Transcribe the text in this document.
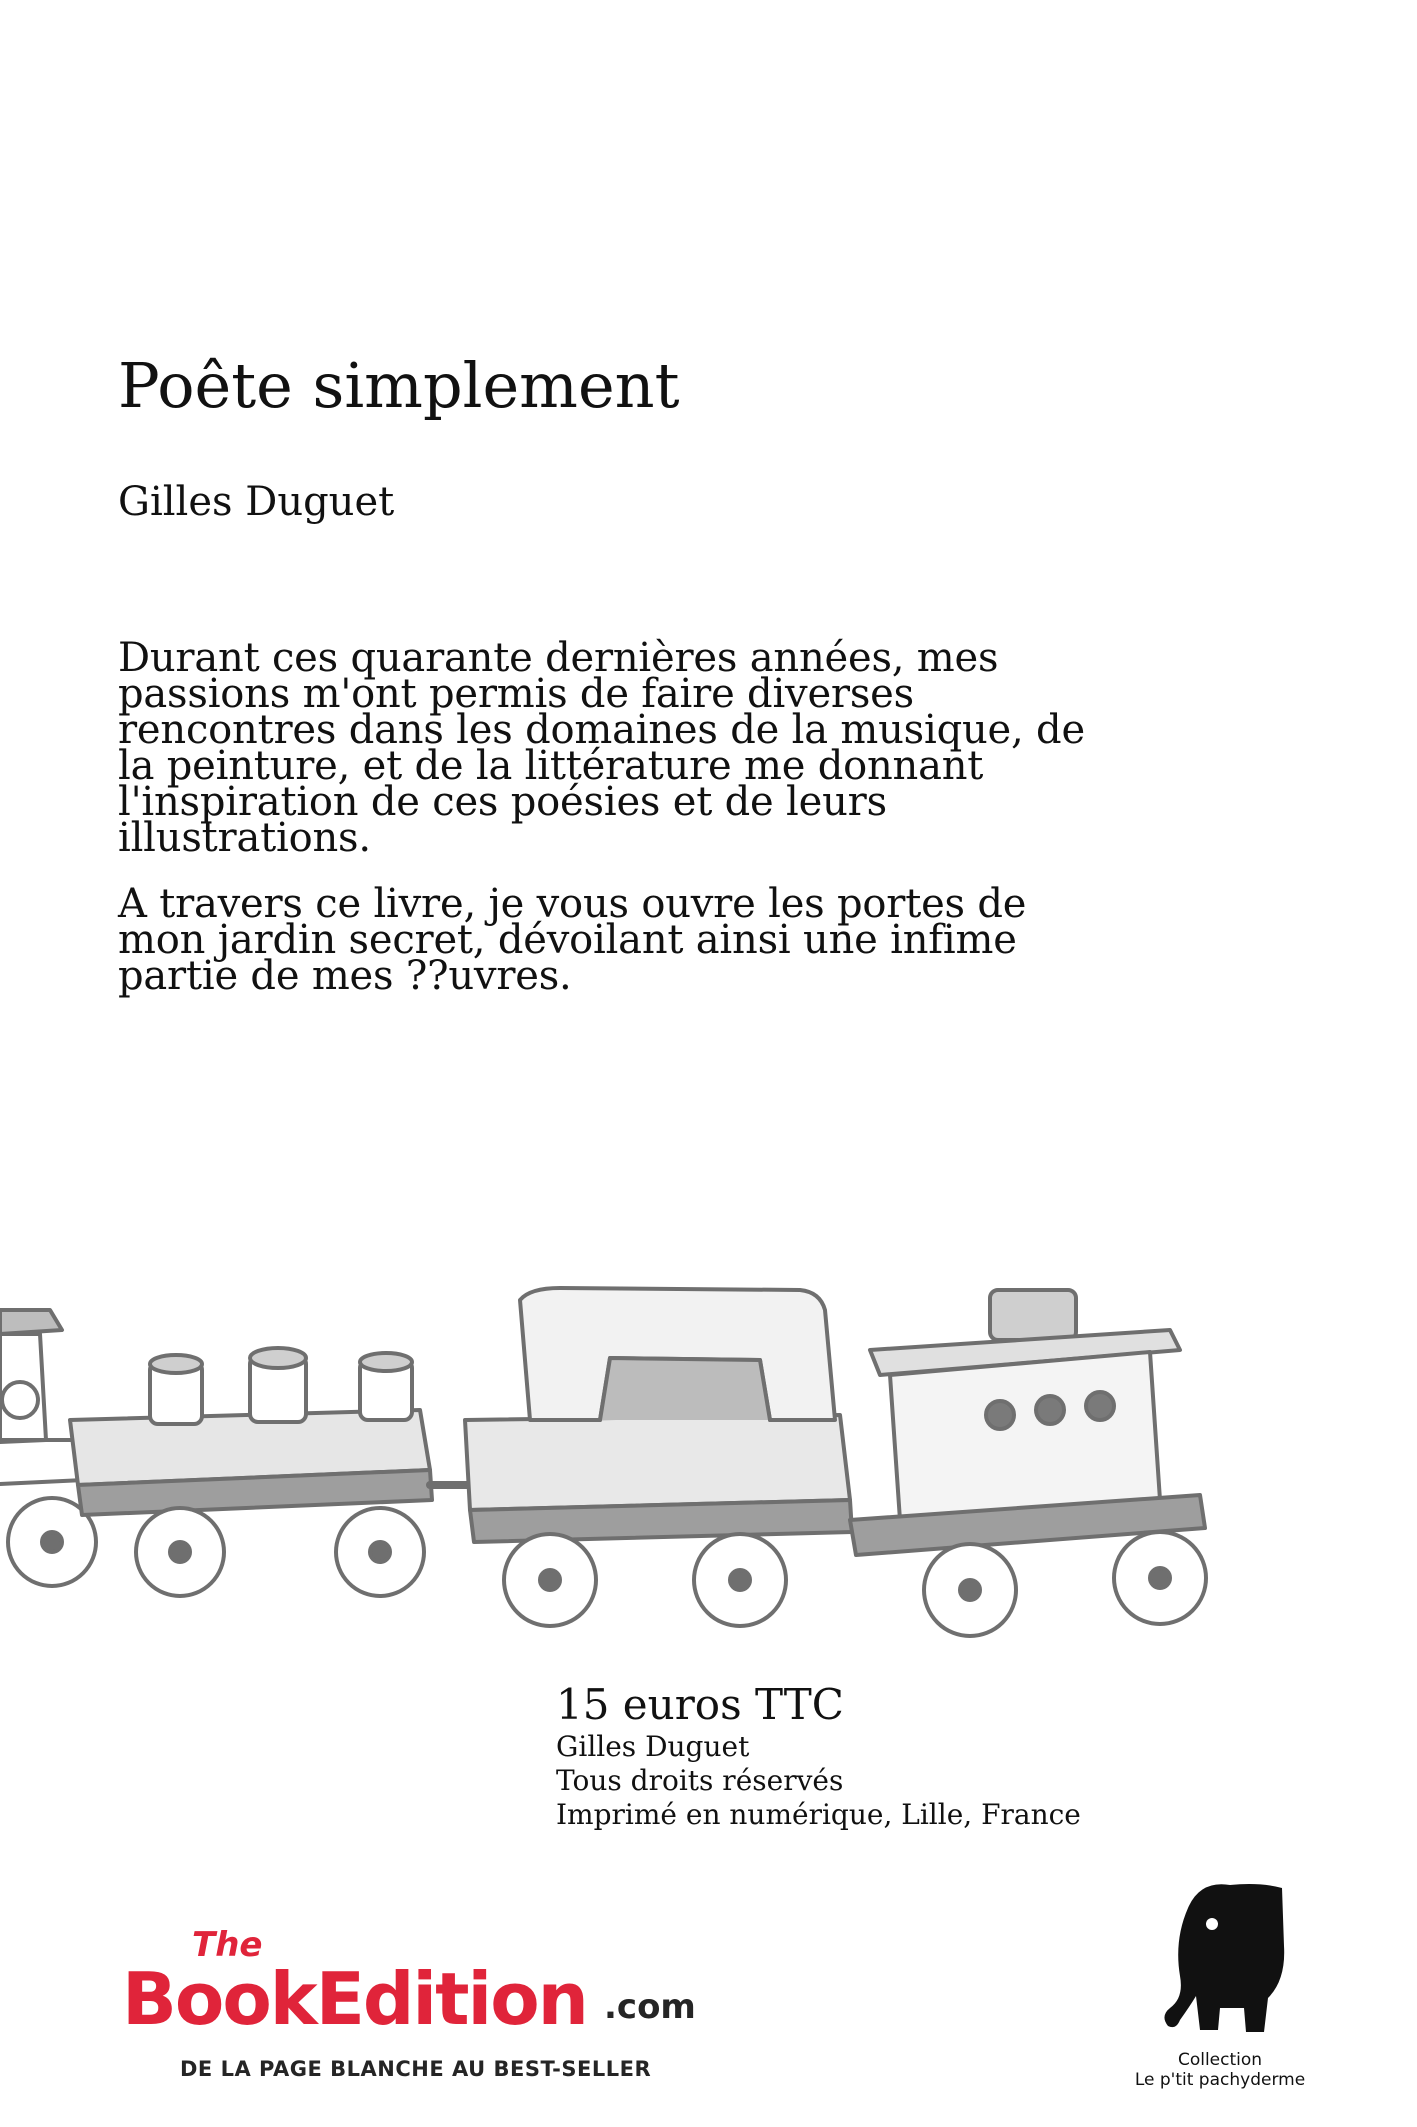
Poête simplement
Gilles Duguet

Durant ces quarante dernières années, mes passions m'ont permis de faire diverses rencontres dans les domaines de la musique, de la peinture, et de la littérature me donnant l'inspiration de ces poésies et de leurs illustrations.

A travers ce livre, je vous ouvre les portes de mon jardin secret, dévoilant ainsi une infime partie de mes ??uvres.

15 euros TTC
Gilles Duguet
Tous droits réservés
Imprimé en numérique, Lille, France
The
BookEdition .com
DE LA PAGE BLANCHE AU BEST-SELLER	Collection
Le p'tit pachyderme
